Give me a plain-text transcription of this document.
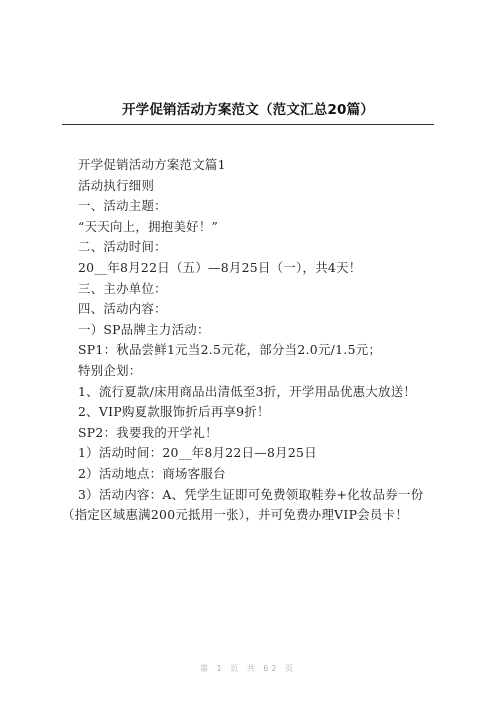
开学促销活动方案范文（范文汇总20篇）
开学促销活动方案范文篇1
活动执行细则
一、活动主题：
“天天向上，拥抱美好！”
二、活动时间：
20__年8月22日（五）—8月25日（一），共4天！
三、主办单位：
四、活动内容：
一）SP品牌主力活动：
SP1：秋品尝鲜1元当2.5元花，部分当2.0元/1.5元；
特别企划：
1、流行夏款/床用商品出清低至3折，开学用品优惠大放送！
2、VIP购夏款服饰折后再享9折！
SP2：我要我的开学礼！
1）活动时间：20__年8月22日—8月25日
2）活动地点：商场客服台
3）活动内容：A、凭学生证即可免费领取鞋券+化妆品券一份
（指定区域惠满200元抵用一张），并可免费办理VIP会员卡！
第 1 页 共 62 页
